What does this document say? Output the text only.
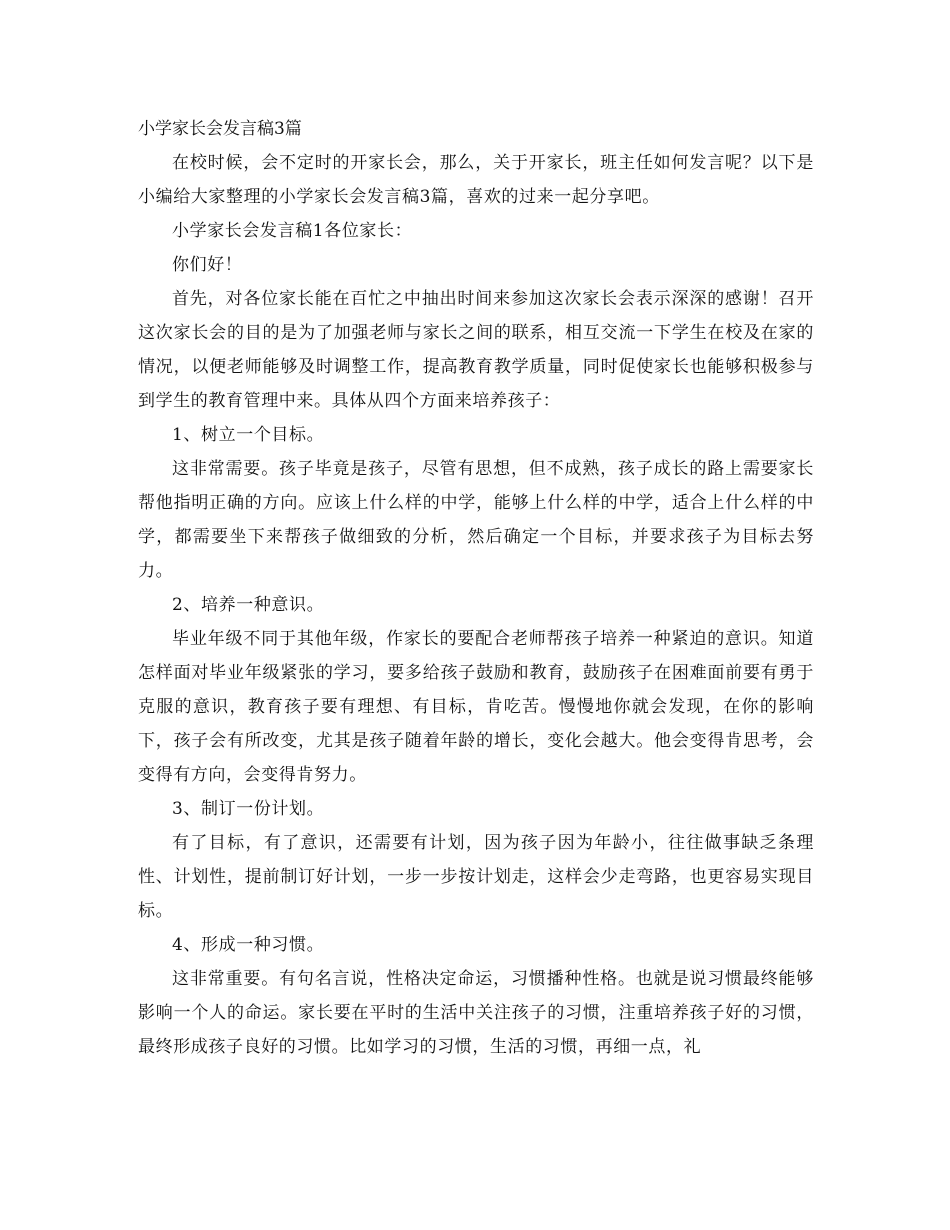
小学家长会发言稿3篇

在校时候，会不定时的开家长会，那么，关于开家长，班主任如何发言呢？以下是小编给大家整理的小学家长会发言稿3篇，喜欢的过来一起分享吧。

小学家长会发言稿1各位家长：

你们好！

首先，对各位家长能在百忙之中抽出时间来参加这次家长会表示深深的感谢！召开这次家长会的目的是为了加强老师与家长之间的联系，相互交流一下学生在校及在家的情况，以便老师能够及时调整工作，提高教育教学质量，同时促使家长也能够积极参与到学生的教育管理中来。具体从四个方面来培养孩子：

1、树立一个目标。

这非常需要。孩子毕竟是孩子，尽管有思想，但不成熟，孩子成长的路上需要家长帮他指明正确的方向。应该上什么样的中学，能够上什么样的中学，适合上什么样的中学，都需要坐下来帮孩子做细致的分析，然后确定一个目标，并要求孩子为目标去努力。

2、培养一种意识。

毕业年级不同于其他年级，作家长的要配合老师帮孩子培养一种紧迫的意识。知道怎样面对毕业年级紧张的学习，要多给孩子鼓励和教育，鼓励孩子在困难面前要有勇于克服的意识，教育孩子要有理想、有目标，肯吃苦。慢慢地你就会发现，在你的影响下，孩子会有所改变，尤其是孩子随着年龄的增长，变化会越大。他会变得肯思考，会变得有方向，会变得肯努力。

3、制订一份计划。

有了目标，有了意识，还需要有计划，因为孩子因为年龄小，往往做事缺乏条理性、计划性，提前制订好计划，一步一步按计划走，这样会少走弯路，也更容易实现目标。

4、形成一种习惯。

这非常重要。有句名言说，性格决定命运，习惯播种性格。也就是说习惯最终能够影响一个人的命运。家长要在平时的生活中关注孩子的习惯，注重培养孩子好的习惯，最终形成孩子良好的习惯。比如学习的习惯，生活的习惯，再细一点，礼
